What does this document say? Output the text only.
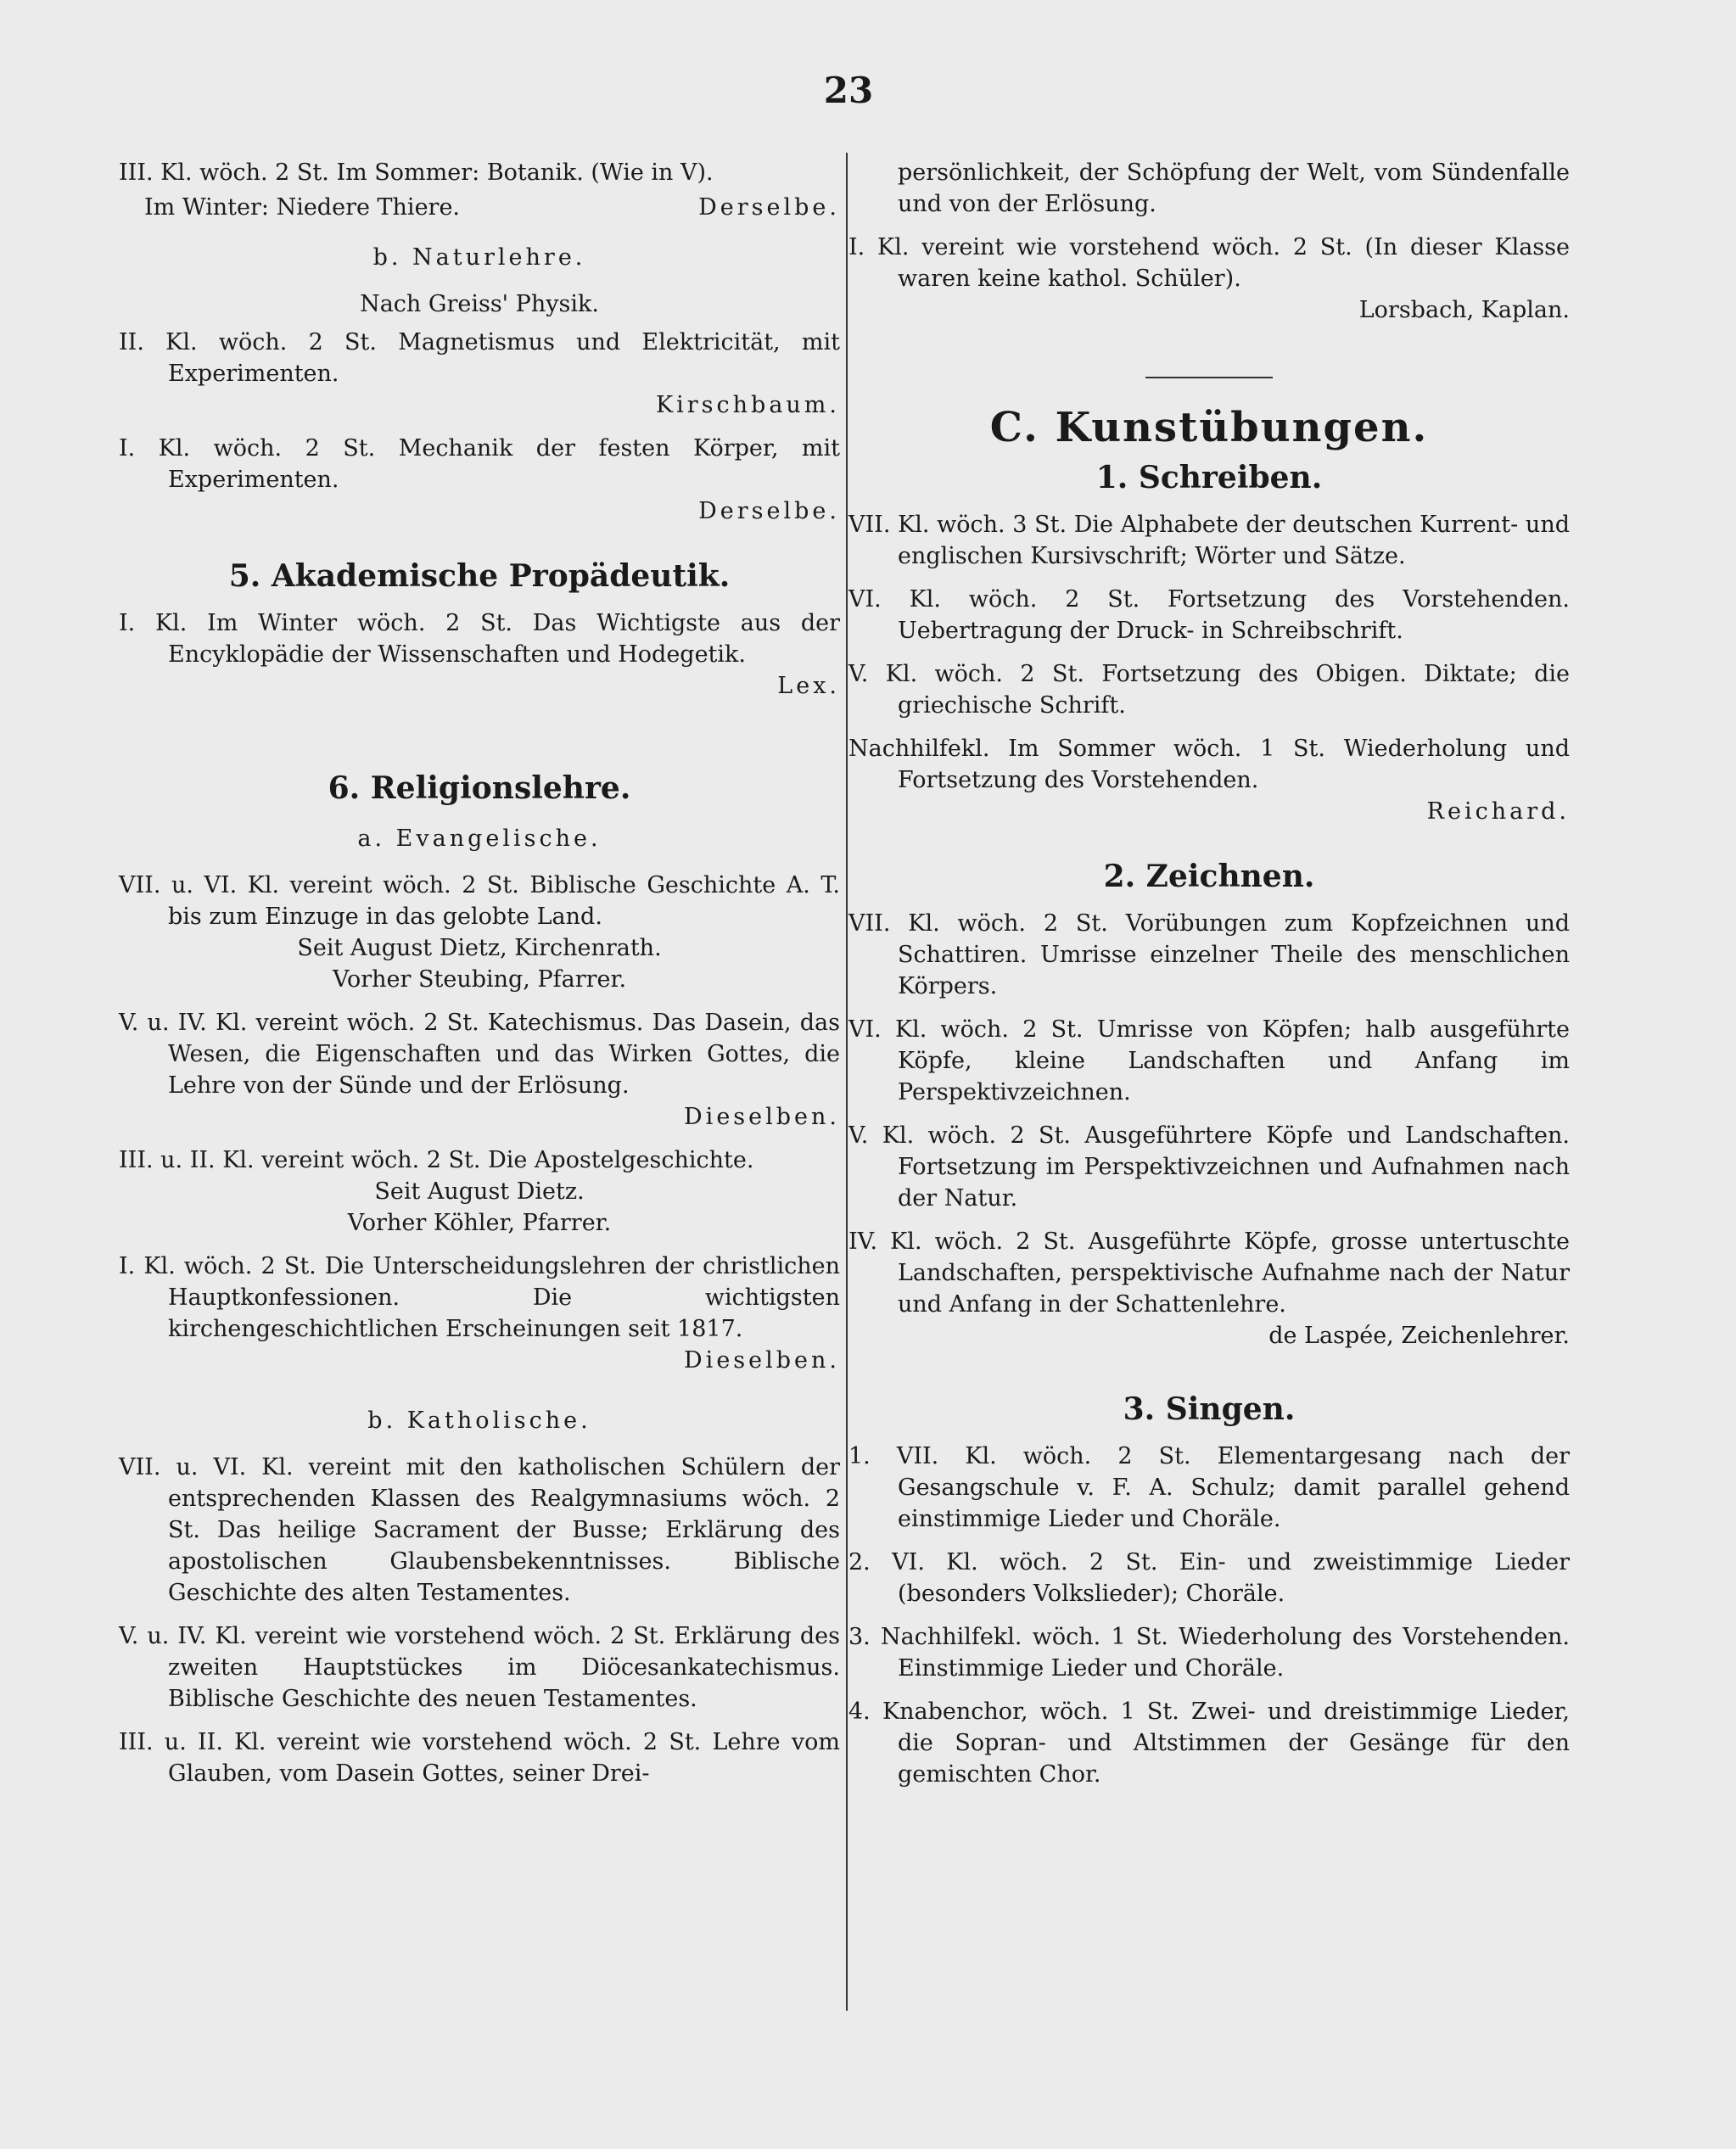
23

III. Kl. wöch. 2 St. Im Sommer: Botanik. (Wie in V).

Im Winter: Niedere Thiere.	Derselbe.

b. Naturlehre.

Nach Greiss' Physik.

II. Kl. wöch. 2 St. Magnetismus und Elektricität, mit Experimenten.

Kirschbaum.

I. Kl. wöch. 2 St. Mechanik der festen Körper, mit Experimenten.

Derselbe.

5. Akademische Propädeutik.

I. Kl. Im Winter wöch. 2 St. Das Wichtigste aus der Encyklopädie der Wissenschaften und Hodegetik.

Lex.

6. Religionslehre.

a. Evangelische.

VII. u. VI. Kl. vereint wöch. 2 St. Biblische Geschichte A. T. bis zum Einzuge in das gelobte Land.

Seit August Dietz, Kirchenrath.

Vorher Steubing, Pfarrer.

V. u. IV. Kl. vereint wöch. 2 St. Katechismus. Das Dasein, das Wesen, die Eigenschaften und das Wirken Gottes, die Lehre von der Sünde und der Erlösung.

Dieselben.

III. u. II. Kl. vereint wöch. 2 St. Die Apostelgeschichte.

Seit August Dietz.

Vorher Köhler, Pfarrer.

I. Kl. wöch. 2 St. Die Unterscheidungslehren der christlichen Hauptkonfessionen. Die wichtigsten kirchengeschichtlichen Erscheinungen seit 1817.

Dieselben.

b. Katholische.

VII. u. VI. Kl. vereint mit den katholischen Schülern der entsprechenden Klassen des Realgymnasiums wöch. 2 St. Das heilige Sacrament der Busse; Erklärung des apostolischen Glaubensbekenntnisses. Biblische Geschichte des alten Testamentes.

V. u. IV. Kl. vereint wie vorstehend wöch. 2 St. Erklärung des zweiten Hauptstückes im Diöcesankatechismus. Biblische Geschichte des neuen Testamentes.

III. u. II. Kl. vereint wie vorstehend wöch. 2 St. Lehre vom Glauben, vom Dasein Gottes, seiner Drei-

persönlichkeit, der Schöpfung der Welt, vom Sündenfalle und von der Erlösung.

I. Kl. vereint wie vorstehend wöch. 2 St. (In dieser Klasse waren keine kathol. Schüler).

Lorsbach, Kaplan.

C. Kunstübungen.

1. Schreiben.

VII. Kl. wöch. 3 St. Die Alphabete der deutschen Kurrent- und englischen Kursivschrift; Wörter und Sätze.

VI. Kl. wöch. 2 St. Fortsetzung des Vorstehenden. Uebertragung der Druck- in Schreibschrift.

V. Kl. wöch. 2 St. Fortsetzung des Obigen. Diktate; die griechische Schrift.

Nachhilfekl. Im Sommer wöch. 1 St. Wiederholung und Fortsetzung des Vorstehenden.

Reichard.

2. Zeichnen.

VII. Kl. wöch. 2 St. Vorübungen zum Kopfzeichnen und Schattiren. Umrisse einzelner Theile des menschlichen Körpers.

VI. Kl. wöch. 2 St. Umrisse von Köpfen; halb ausgeführte Köpfe, kleine Landschaften und Anfang im Perspektivzeichnen.

V. Kl. wöch. 2 St. Ausgeführtere Köpfe und Landschaften. Fortsetzung im Perspektivzeichnen und Aufnahmen nach der Natur.

IV. Kl. wöch. 2 St. Ausgeführte Köpfe, grosse untertuschte Landschaften, perspektivische Aufnahme nach der Natur und Anfang in der Schattenlehre.

de Laspée, Zeichenlehrer.

3. Singen.

1. VII. Kl. wöch. 2 St. Elementargesang nach der Gesangschule v. F. A. Schulz; damit parallel gehend einstimmige Lieder und Choräle.

2. VI. Kl. wöch. 2 St. Ein- und zweistimmige Lieder (besonders Volkslieder); Choräle.

3. Nachhilfekl. wöch. 1 St. Wiederholung des Vorstehenden. Einstimmige Lieder und Choräle.

4. Knabenchor, wöch. 1 St. Zwei- und dreistimmige Lieder, die Sopran- und Altstimmen der Gesänge für den gemischten Chor.
